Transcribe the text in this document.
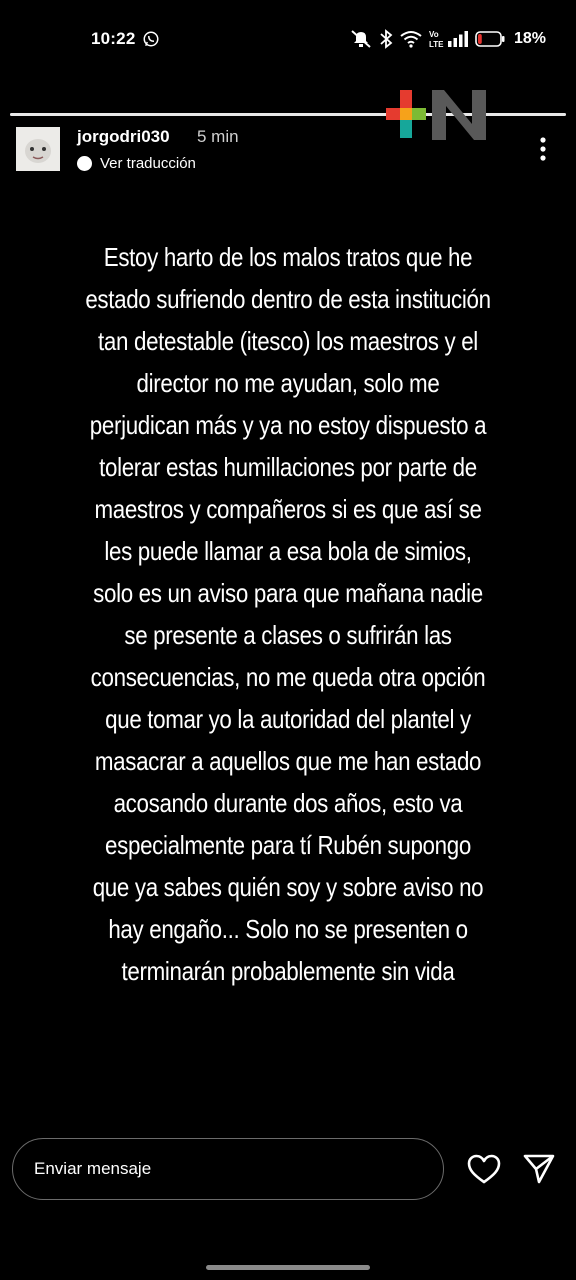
10:22	Vo
LTE	18%
jorgodri030 5 min
Ver traducción
Estoy harto de los malos tratos que he estado sufriendo dentro de esta institución tan detestable (itesco) los maestros y el director no me ayudan, solo me perjudican más y ya no estoy dispuesto a tolerar estas humillaciones por parte de maestros y compañeros si es que así se les puede llamar a esa bola de simios, solo es un aviso para que mañana nadie se presente a clases o sufrirán las consecuencias, no me queda otra opción que tomar yo la autoridad del plantel y masacrar a aquellos que me han estado acosando durante dos años, esto va especialmente para tí Rubén supongo que ya sabes quién soy y sobre aviso no hay engaño... Solo no se presenten o terminarán probablemente sin vida
Enviar mensaje
